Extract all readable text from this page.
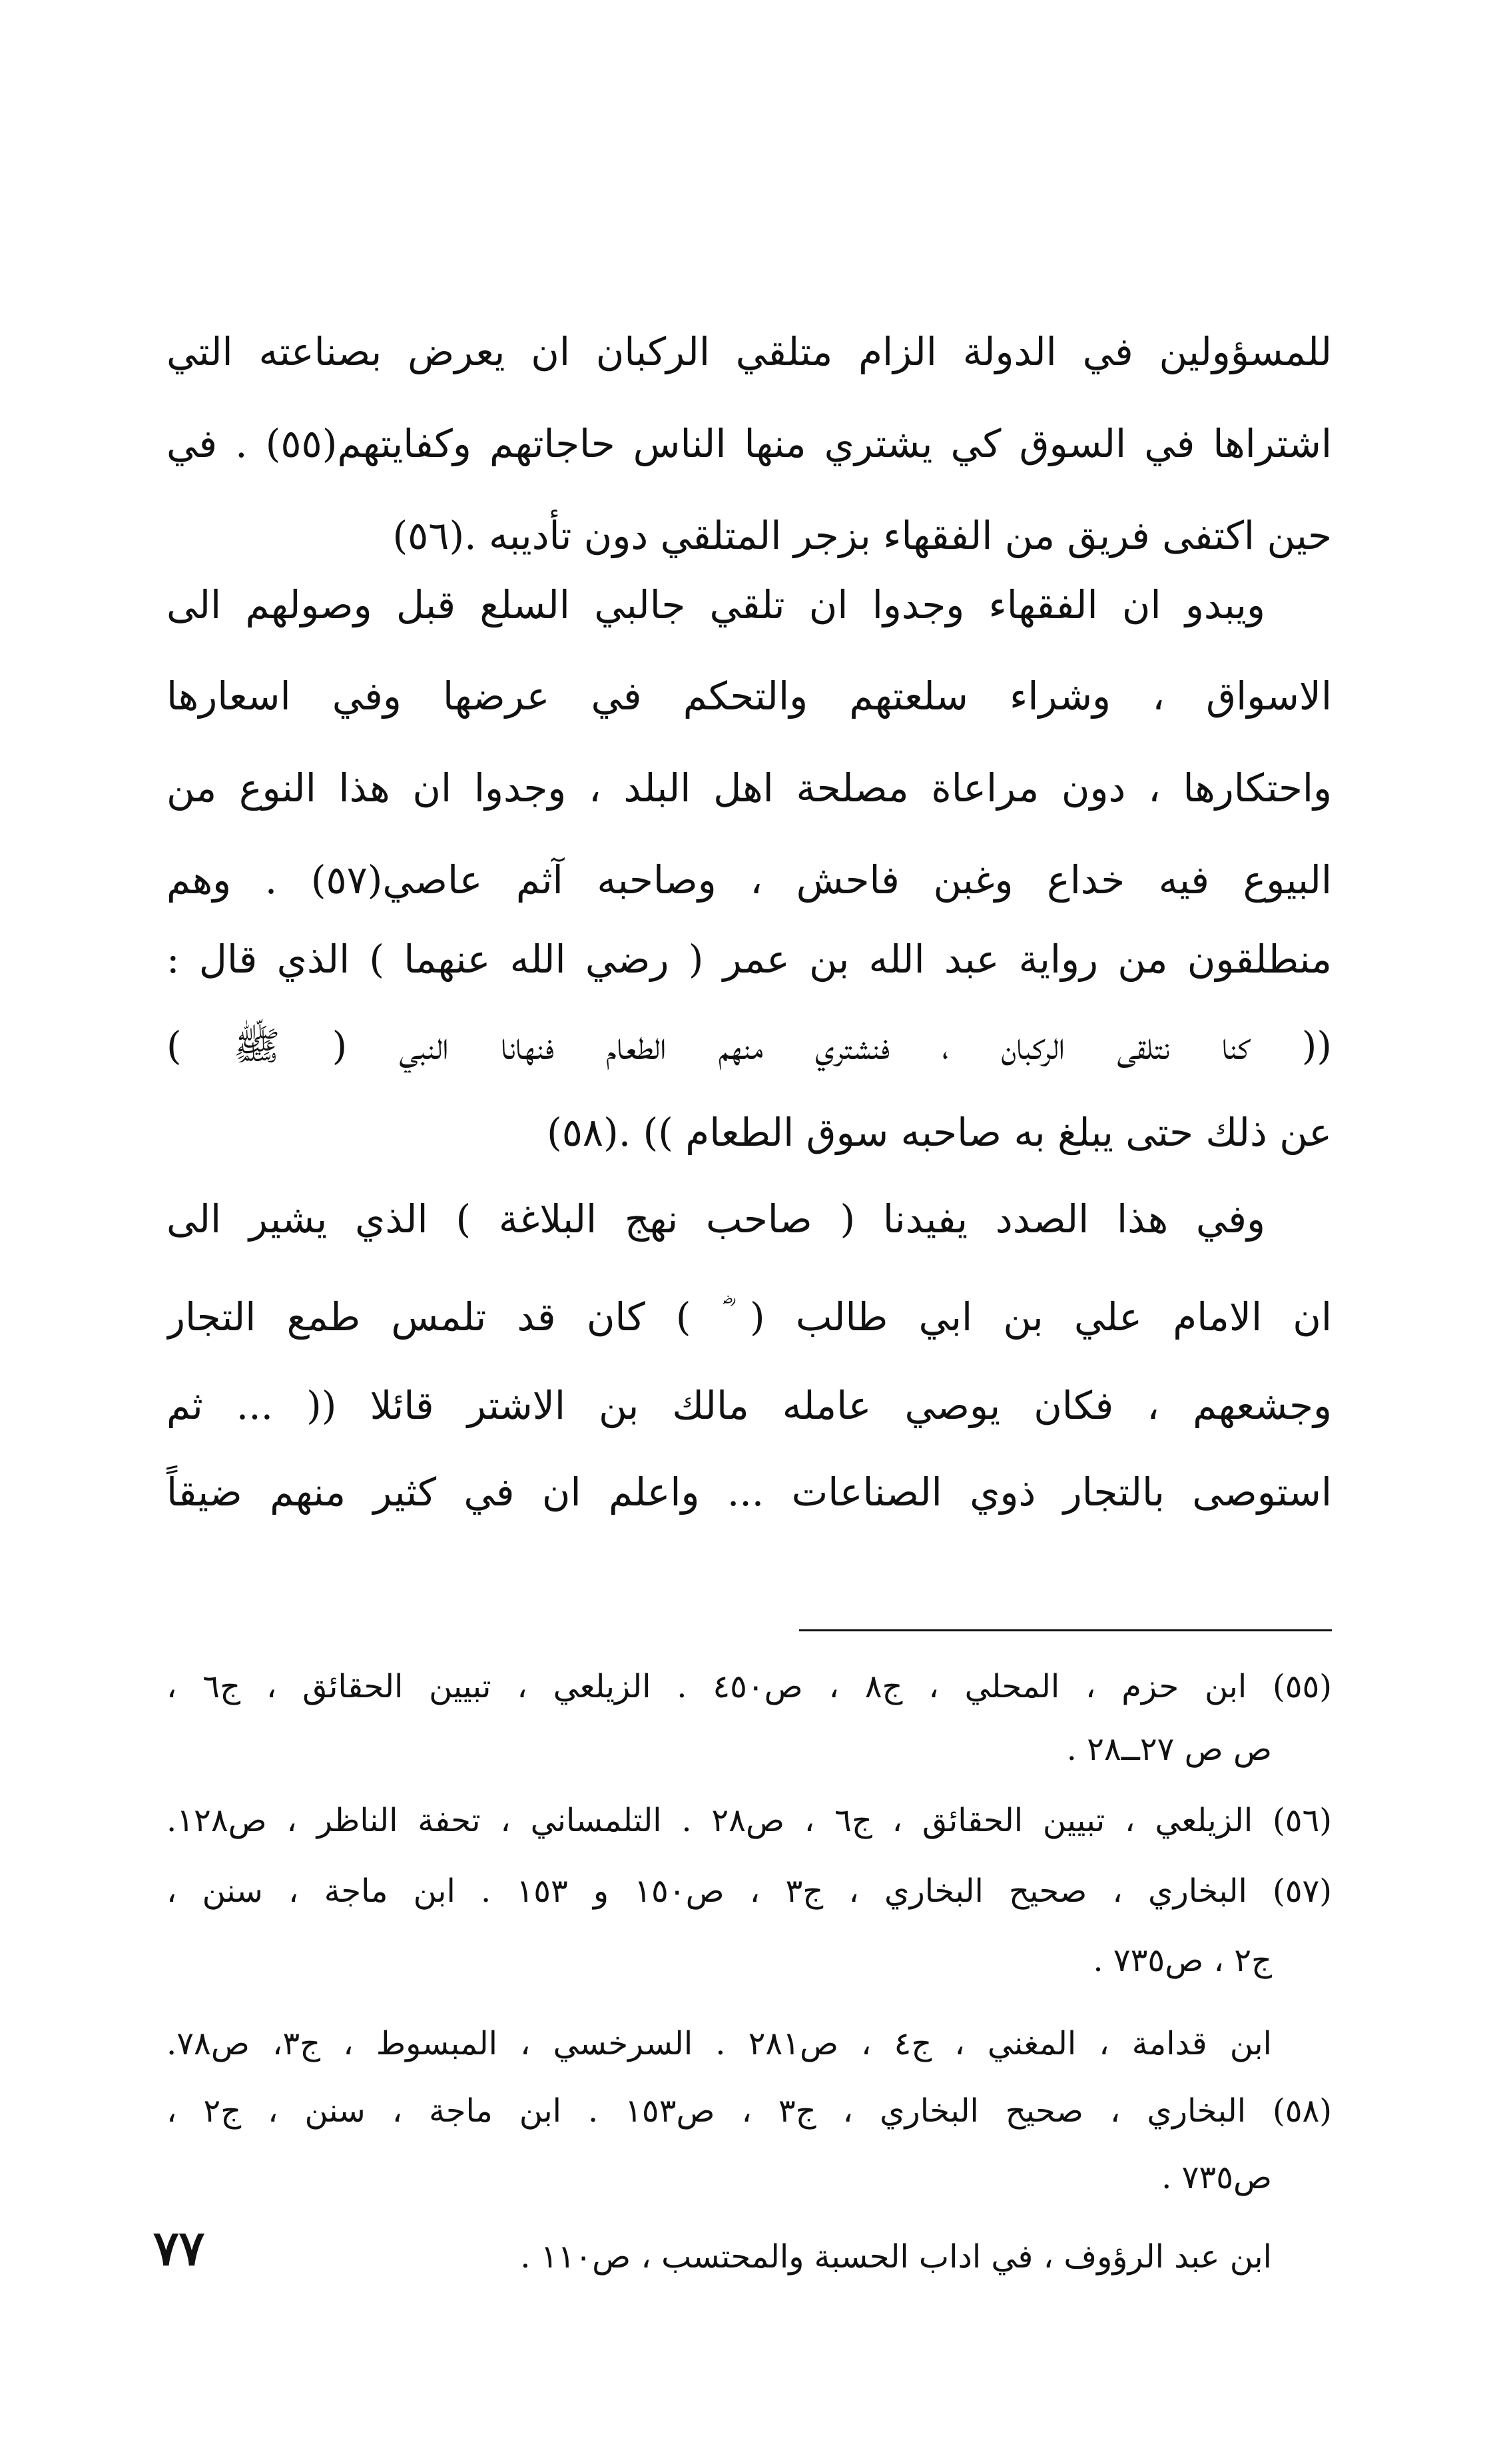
للمسؤولين في الدولة الزام متلقي الركبان ان يعرض بصناعته التي
اشتراها في السوق كي يشتري منها الناس حاجاتهم وكفايتهم(٥٥) . في
حين اكتفى فريق من الفقهاء بزجر المتلقي دون تأديبه .(٥٦)
ويبدو ان الفقهاء وجدوا ان تلقي جالبي السلع قبل وصولهم الى
الاسواق ، وشراء سلعتهم والتحكم في عرضها وفي اسعارها
واحتكارها ، دون مراعاة مصلحة اهل البلد ، وجدوا ان هذا النوع من
البيوع فيه خداع وغبن فاحش ، وصاحبه آثم عاصي(٥٧) . وهم
منطلقون من رواية عبد الله بن عمر ( رضي الله عنهما ) الذي قال :
(( كنا نتلقى الركبان ، فنشتري منهم الطعام فنهانا النبي ( ﷺ )
عن ذلك حتى يبلغ به صاحبه سوق الطعام )) .(٥٨)
وفي هذا الصدد يفيدنا ( صاحب نهج البلاغة ) الذي يشير الى
ان الامام علي بن ابي طالب ( ؓ ) كان قد تلمس طمع التجار
وجشعهم ، فكان يوصي عامله مالك بن الاشتر قائلا (( ... ثم
استوصى بالتجار ذوي الصناعات ... واعلم ان في كثير منهم ضيقاً
(٥٥) ابن حزم ، المحلي ، ج٨ ، ص٤٥٠ . الزيلعي ، تبيين الحقائق ، ج٦ ،
ص ص ٢٧ــ٢٨ .
(٥٦) الزيلعي ، تبيين الحقائق ، ج٦ ، ص٢٨ . التلمساني ، تحفة الناظر ، ص١٢٨.
(٥٧) البخاري ، صحيح البخاري ، ج٣ ، ص١٥٠ و ١٥٣ . ابن ماجة ، سنن ،
ج٢ ، ص٧٣٥ .
ابن قدامة ، المغني ، ج٤ ، ص٢٨١ . السرخسي ، المبسوط ، ج٣، ص٧٨.
(٥٨) البخاري ، صحيح البخاري ، ج٣ ، ص١٥٣ . ابن ماجة ، سنن ، ج٢ ،
ص٧٣٥ .
ابن عبد الرؤوف ، في اداب الحسبة والمحتسب ، ص١١٠ .
٧٧
